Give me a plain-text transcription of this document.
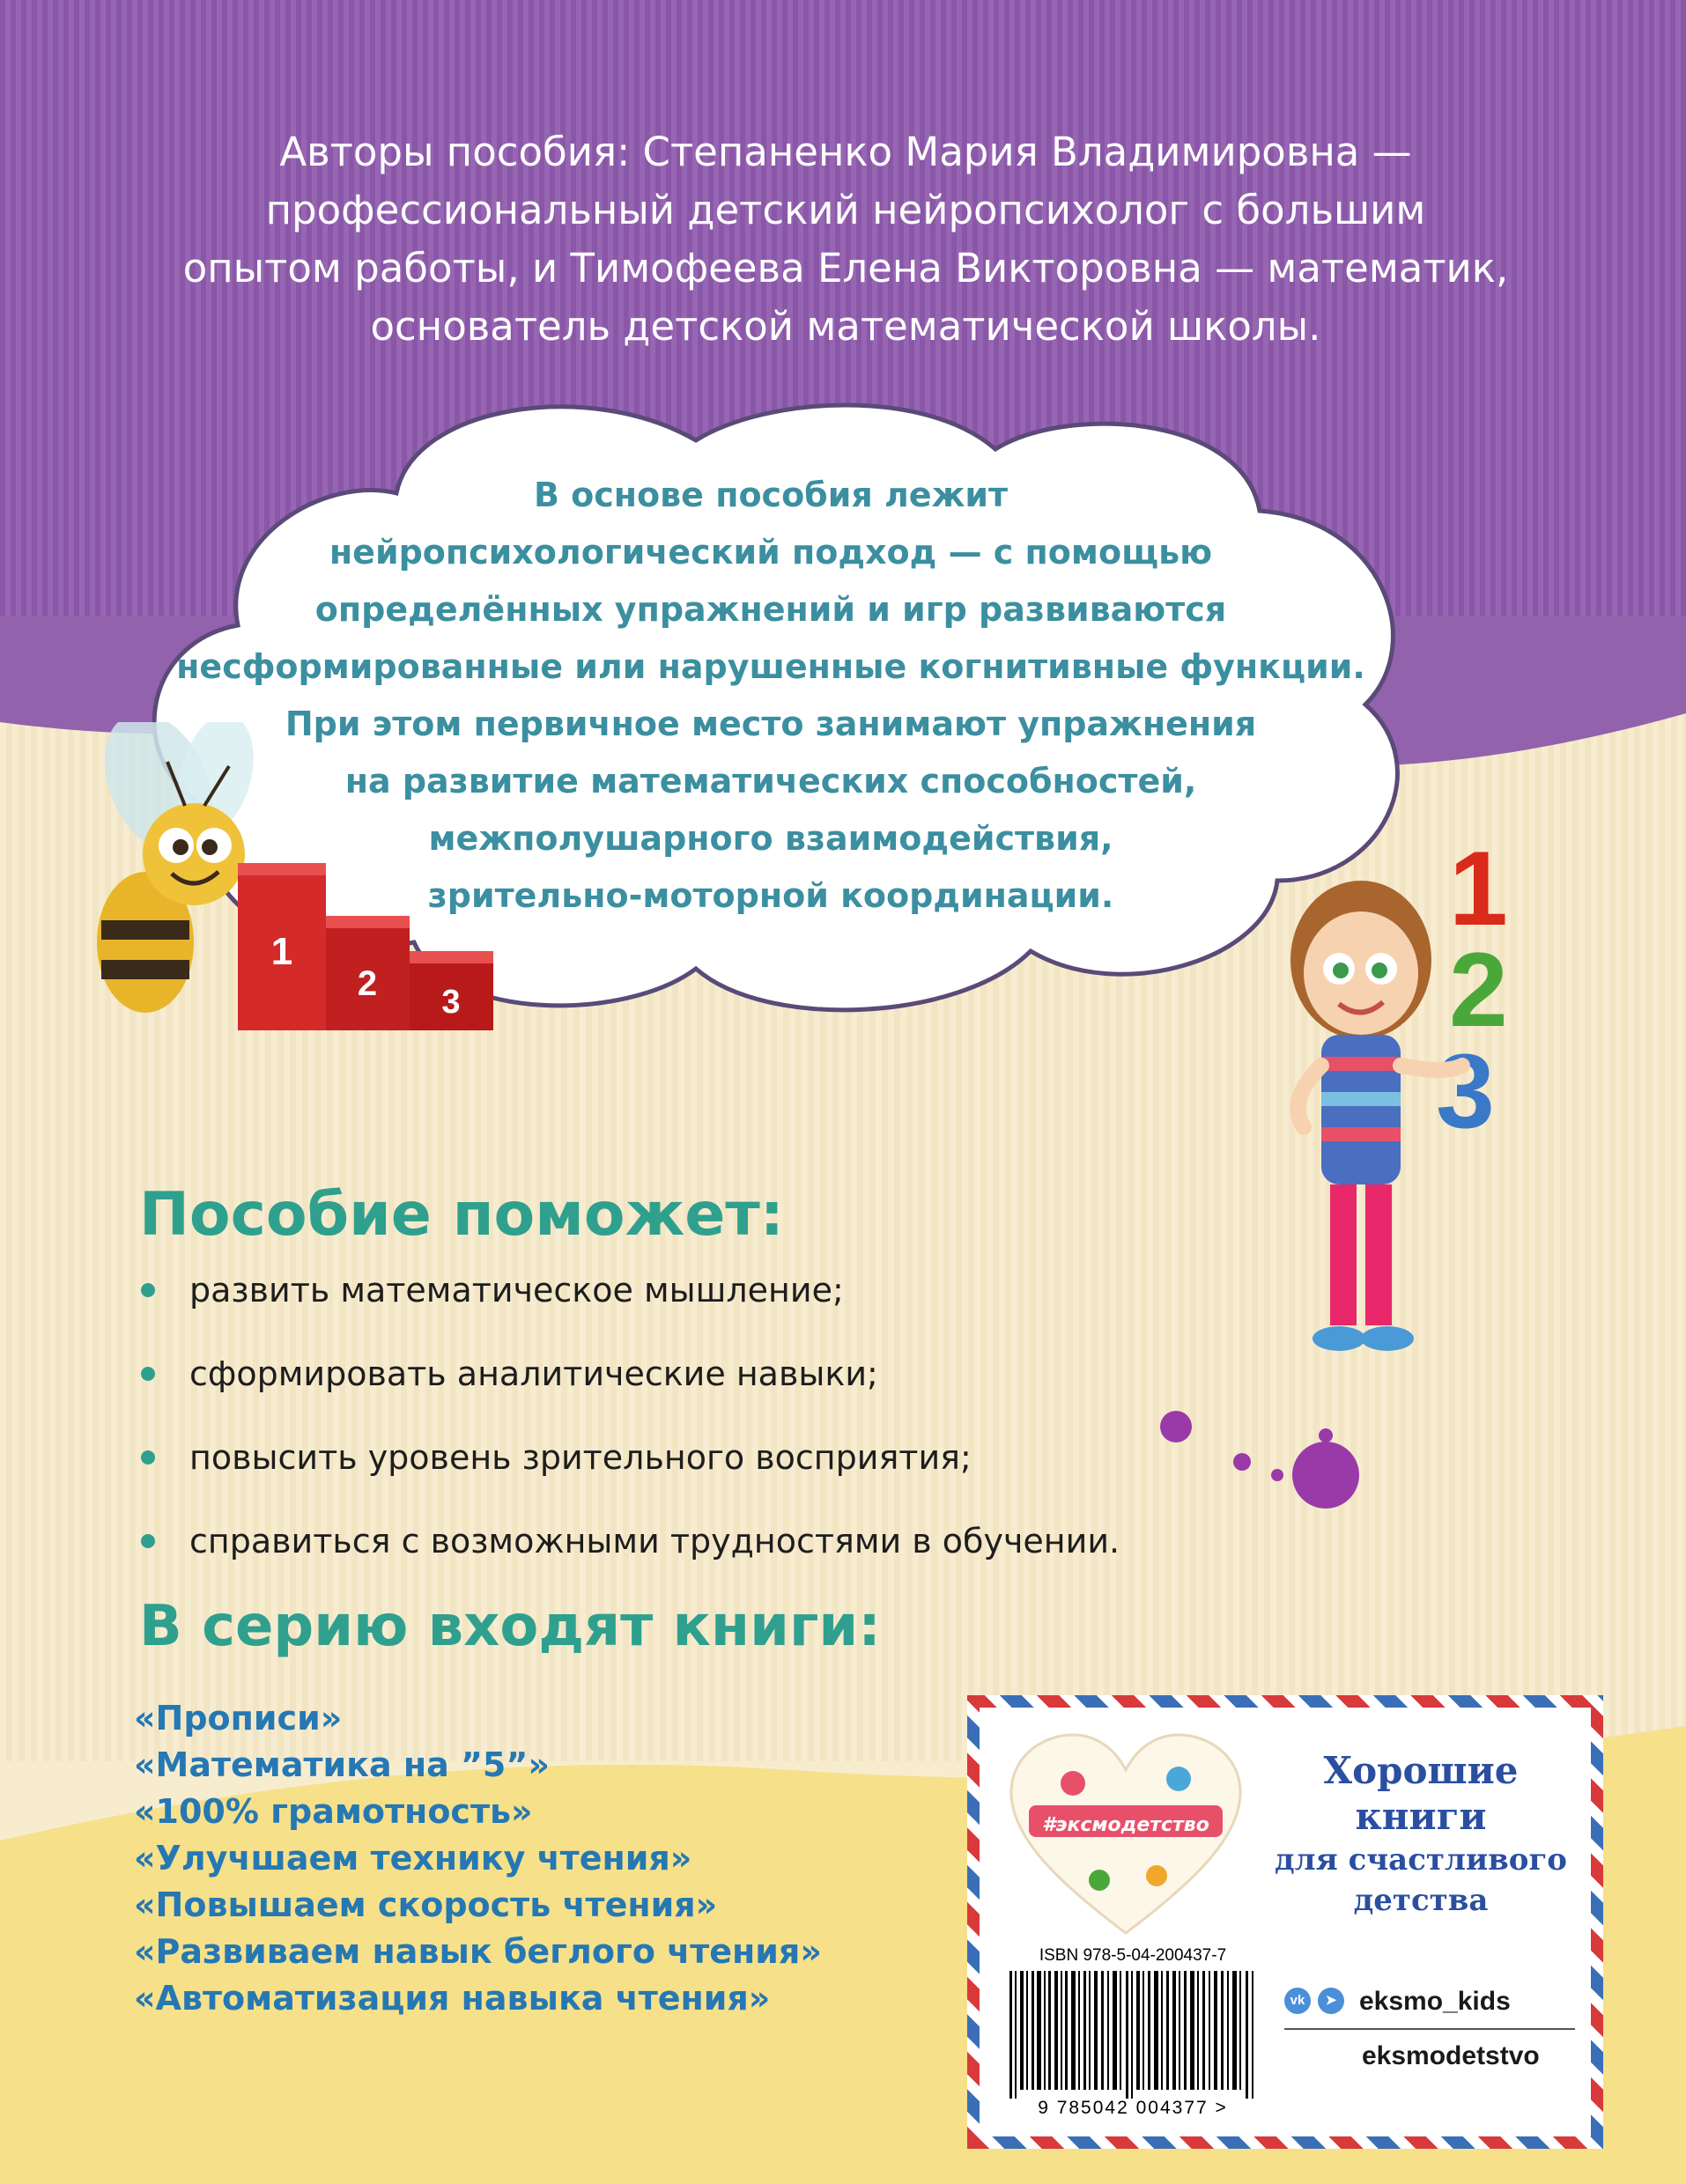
Авторы пособия: Степаненко Мария Владимировна —
профессиональный детский нейропсихолог с большим
опытом работы, и Тимофеева Елена Викторовна — математик,
основатель детской математической школы.
В основе пособия лежит
нейропсихологический подход — с помощью
определённых упражнений и игр развиваются
несформированные или нарушенные когнитивные функции.
При этом первичное место занимают упражнения
на развитие математических способностей,
межполушарного взаимодействия,
зрительно-моторной координации.
1
2 3
1
2
3
Пособие поможет:
развить математическое мышление;
сформировать аналитические навыки;
повысить уровень зрительного восприятия;
справиться с возможными трудностями в обучении.
В серию входят книги:
«Прописи»
«Математика на ˮ5ˮ»
«100% грамотность»
«Улучшаем технику чтения»
«Повышаем скорость чтения»
«Развиваем навык беглого чтения»
«Автоматизация навыка чтения»
#эксмодетство
Хорошие
книги
для счастливого
детства
ISBN 978-5-04-200437-7
9 785042 004377 >
vk	➤ eksmo_kids
eksmodetstvo
